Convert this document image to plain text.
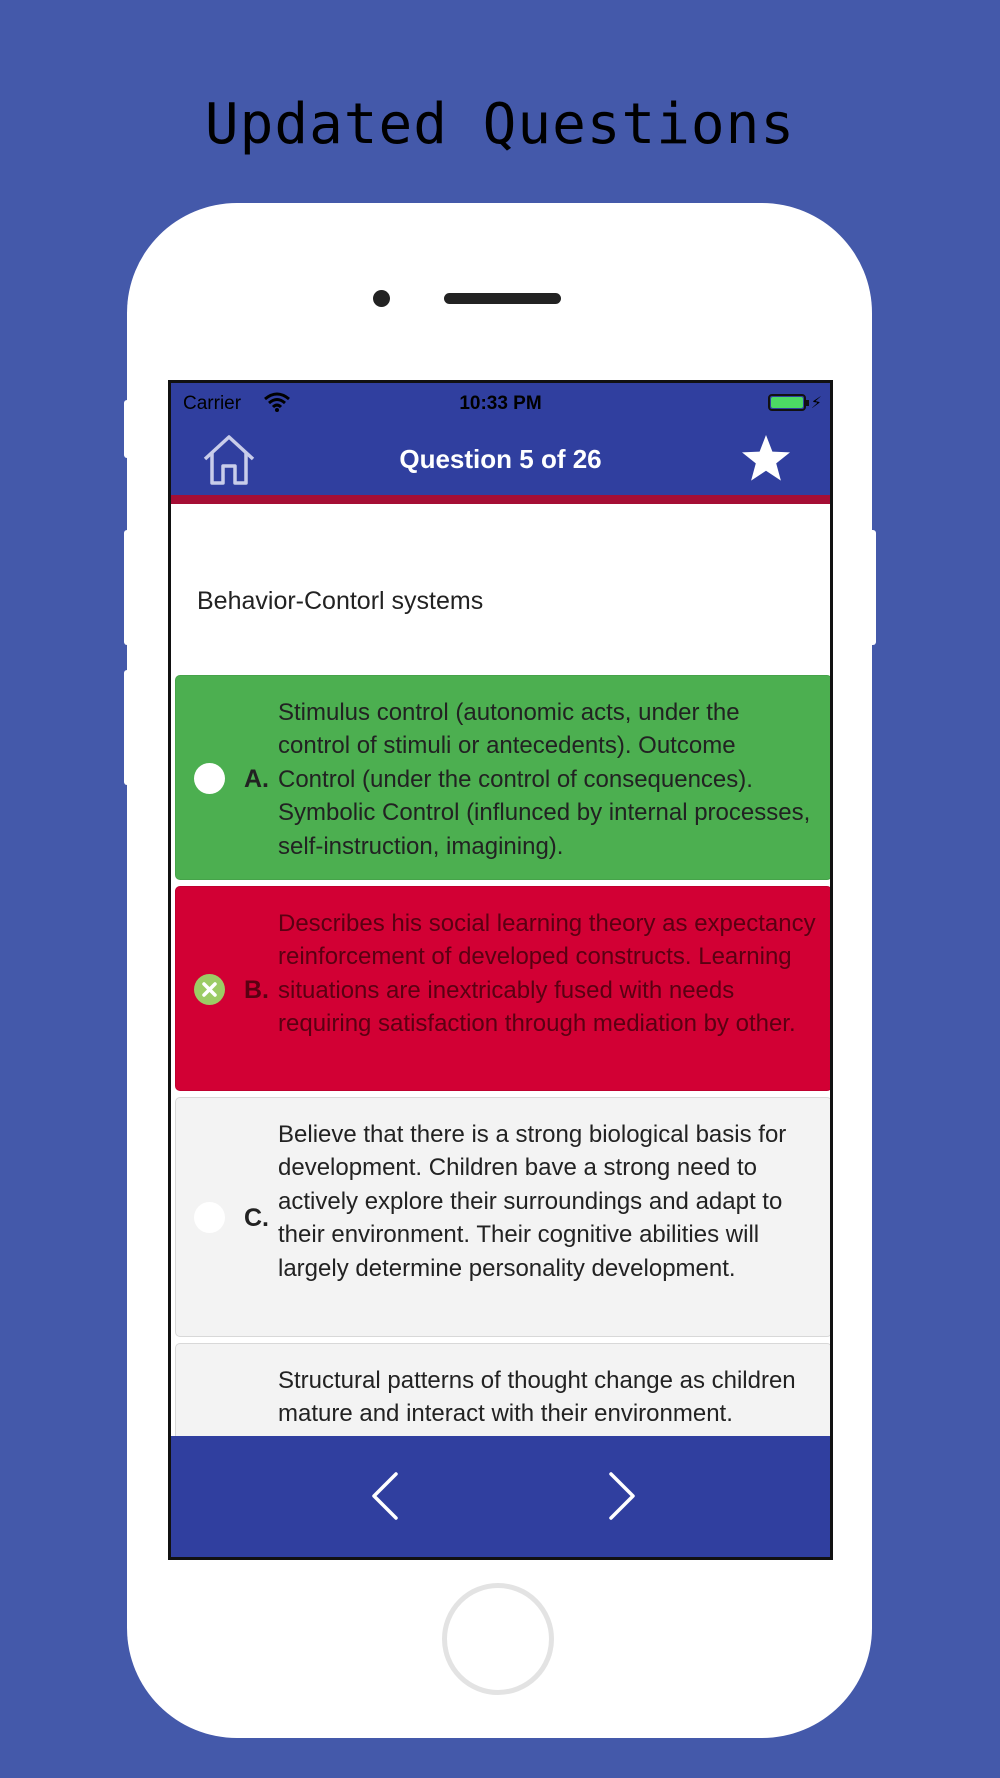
Updated Questions
Carrier	10:33 PM	⚡
Question 5 of 26
Behavior-Contorl systems
A.
Stimulus control (autonomic acts, under the control of stimuli or antecedents). Outcome Control (under the control of consequences). Symbolic Control (influnced by internal processes, self-instruction, imagining).
B.
Describes his social learning theory as expectancy reinforcement of developed constructs. Learning situations are inextricably fused with needs requiring satisfaction through mediation by other.
C.
Believe that there is a strong biological basis for development. Children bave a strong need to actively explore their surroundings and adapt to their environment. Their cognitive abilities will largely determine personality development.
Structural patterns of thought change as children mature and interact with their environment.
